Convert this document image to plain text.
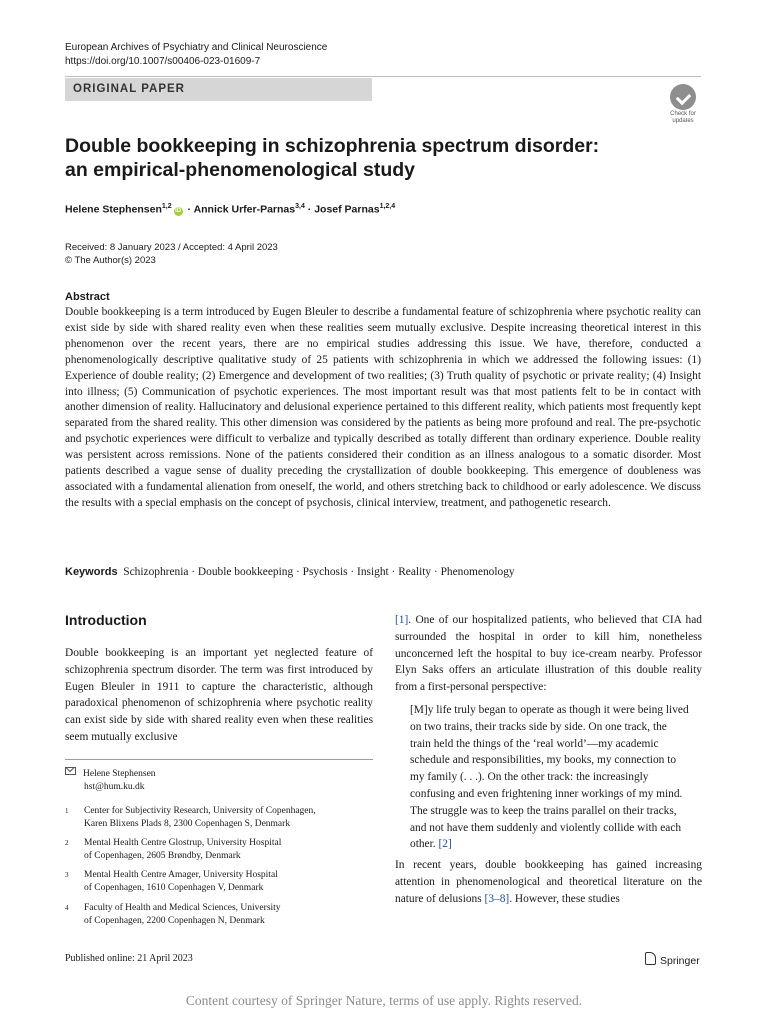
European Archives of Psychiatry and Clinical Neuroscience
https://doi.org/10.1007/s00406-023-01609-7
ORIGINAL PAPER
Check for
updates
Double bookkeeping in schizophrenia spectrum disorder:
an empirical-phenomenological study
Helene Stephensen$^{1,2}$iD · Annick Urfer-Parnas$^{3,4}$ · Josef Parnas$^{1,2,4}$
Received: 8 January 2023 / Accepted: 4 April 2023
© The Author(s) 2023
Abstract
Double bookkeeping is a term introduced by Eugen Bleuler to describe a fundamental feature of schizophrenia where psychotic reality can exist side by side with shared reality even when these realities seem mutually exclusive. Despite increasing theoretical interest in this phenomenon over the recent years, there are no empirical studies addressing this issue. We have, therefore, conducted a phenomenologically descriptive qualitative study of 25 patients with schizophrenia in which we addressed the following issues: (1) Experience of double reality; (2) Emergence and development of two realities; (3) Truth quality of psychotic or private reality; (4) Insight into illness; (5) Communication of psychotic experiences. The most important result was that most patients felt to be in contact with another dimension of reality. Hallucinatory and delusional experience pertained to this different reality, which patients most frequently kept separated from the shared reality. This other dimension was considered by the patients as being more profound and real. The pre-psychotic and psychotic experiences were difficult to verbalize and typically described as totally different than ordinary experience. Double reality was persistent across remissions. None of the patients considered their condition as an illness analogous to a somatic disorder. Most patients described a vague sense of duality preceding the crystallization of double bookkeeping. This emergence of doubleness was associated with a fundamental alienation from oneself, the world, and others stretching back to childhood or early adolescence. We discuss the results with a special emphasis on the concept of psychosis, clinical interview, treatment, and pathogenetic research.
Keywords Schizophrenia · Double bookkeeping · Psychosis · Insight · Reality · Phenomenology
Introduction
Double bookkeeping is an important yet neglected feature of schizophrenia spectrum disorder. The term was first introduced by Eugen Bleuler in 1911 to capture the characteristic, although paradoxical phenomenon of schizophrenia where psychotic reality can exist side by side with shared reality even when these realities seem mutually exclusive
[1]. One of our hospitalized patients, who believed that CIA had surrounded the hospital in order to kill him, nonetheless unconcerned left the hospital to buy ice-cream nearby. Professor Elyn Saks offers an articulate illustration of this double reality from a first-personal perspective:
[M]y life truly began to operate as though it were being lived on two trains, their tracks side by side. On one track, the train held the things of the ‘real world’—my academic schedule and responsibilities, my books, my connection to my family (. . .). On the other track: the increasingly confusing and even frightening inner workings of my mind. The struggle was to keep the trains parallel on their tracks, and not have them suddenly and violently collide with each other. [2]
In recent years, double bookkeeping has gained increasing attention in phenomenological and theoretical literature on the nature of delusions [3–8]. However, these studies
Helene Stephensen
hst@hum.ku.dk
1 Center for Subjectivity Research, University of Copenhagen,
Karen Blixens Plads 8, 2300 Copenhagen S, Denmark
2 Mental Health Centre Glostrup, University Hospital
of Copenhagen, 2605 Brøndby, Denmark
3 Mental Health Centre Amager, University Hospital
of Copenhagen, 1610 Copenhagen V, Denmark
4 Faculty of Health and Medical Sciences, University
of Copenhagen, 2200 Copenhagen N, Denmark
Published online: 21 April 2023	Springer
Content courtesy of Springer Nature, terms of use apply. Rights reserved.
